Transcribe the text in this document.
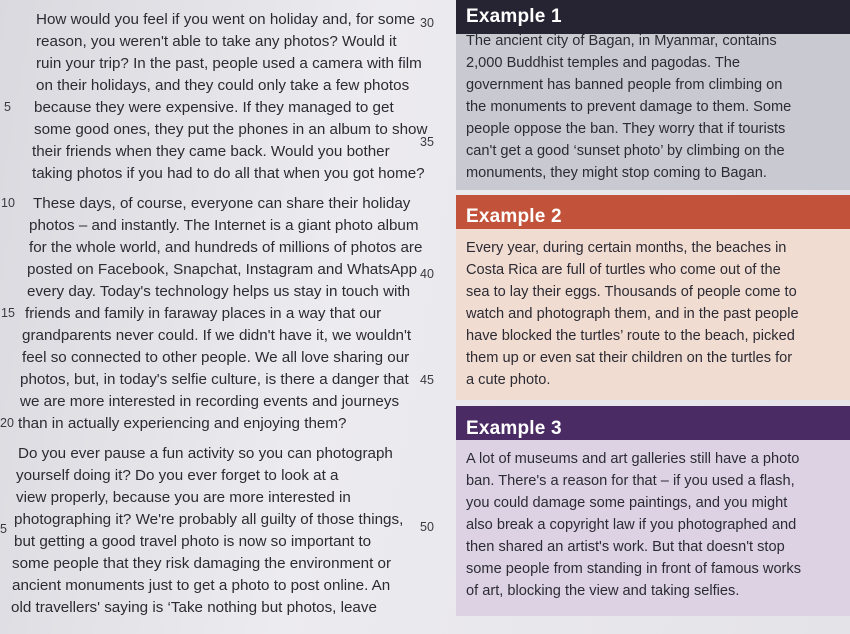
How would you feel if you went on holiday and, for some
reason, you weren't able to take any photos? Would it
ruin your trip? In the past, people used a camera with film
on their holidays, and they could only take a few photos
because they were expensive. If they managed to get
some good ones, they put the phones in an album to show
their friends when they came back. Would you bother
taking photos if you had to do all that when you got home?
These days, of course, everyone can share their holiday
photos – and instantly. The Internet is a giant photo album
for the whole world, and hundreds of millions of photos are
posted on Facebook, Snapchat, Instagram and WhatsApp
every day. Today's technology helps us stay in touch with
friends and family in faraway places in a way that our
grandparents never could. If we didn't have it, we wouldn't
feel so connected to other people. We all love sharing our
photos, but, in today's selfie culture, is there a danger that
we are more interested in recording events and journeys
than in actually experiencing and enjoying them?
Do you ever pause a fun activity so you can photograph
yourself doing it? Do you ever forget to look at a
view properly, because you are more interested in
photographing it? We're probably all guilty of those things,
but getting a good travel photo is now so important to
some people that they risk damaging the environment or
ancient monuments just to get a photo to post online. An
old travellers' saying is ‘Take nothing but photos, leave
5
10
15
20
5
30
35
40
45
50
Example 1
The ancient city of Bagan, in Myanmar, contains
2,000 Buddhist temples and pagodas. The
government has banned people from climbing on
the monuments to prevent damage to them. Some
people oppose the ban. They worry that if tourists
can't get a good ‘sunset photo’ by climbing on the
monuments, they might stop coming to Bagan.
Example 2
Every year, during certain months, the beaches in
Costa Rica are full of turtles who come out of the
sea to lay their eggs. Thousands of people come to
watch and photograph them, and in the past people
have blocked the turtles’ route to the beach, picked
them up or even sat their children on the turtles for
a cute photo.
Example 3
A lot of museums and art galleries still have a photo
ban. There's a reason for that – if you used a flash,
you could damage some paintings, and you might
also break a copyright law if you photographed and
then shared an artist's work. But that doesn't stop
some people from standing in front of famous works
of art, blocking the view and taking selfies.
